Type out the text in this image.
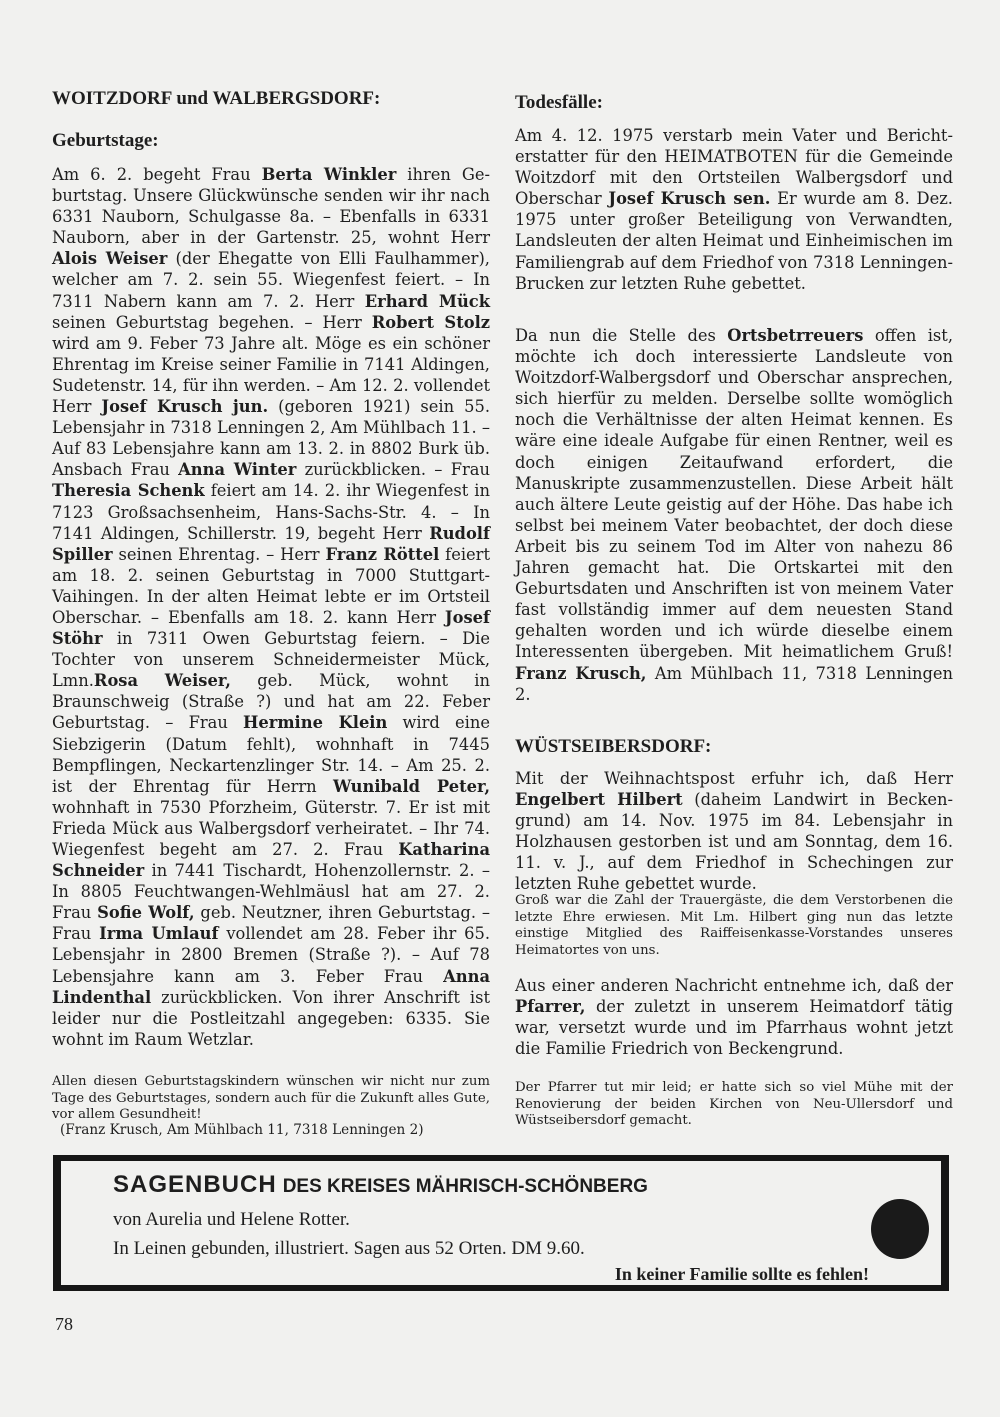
WOITZDORF und WALBERGSDORF:
Geburtstage:

Am 6. 2. begeht Frau Berta Winkler ihren Geburtstag. Unsere Glückwünsche senden wir ihr nach 6331 Nauborn, Schulgasse 8a. – Ebenfalls in 6331 Nauborn, aber in der Gartenstr. 25, wohnt Herr Alois Weiser (der Ehegatte von Elli Faulhammer), welcher am 7. 2. sein 55. Wiegenfest feiert. – In 7311 Nabern kann am 7. 2. Herr Erhard Mück seinen Geburtstag begehen. – Herr Robert Stolz wird am 9. Feber 73 Jahre alt. Möge es ein schöner Ehrentag im Kreise seiner Familie in 7141 Aldingen, Sudetenstr. 14, für ihn werden. – Am 12. 2. vollendet Herr Josef Krusch jun. (geboren 1921) sein 55. Lebensjahr in 7318 Lenningen 2, Am Mühlbach 11. – Auf 83 Lebensjahre kann am 13. 2. in 8802 Burk üb. Ansbach Frau Anna Winter zurückblicken. – Frau Theresia Schenk feiert am 14. 2. ihr Wiegenfest in 7123 Großsachsenheim, Hans-Sachs-Str. 4. – In 7141 Aldingen, Schillerstr. 19, begeht Herr Rudolf Spiller seinen Ehrentag. – Herr Franz Röttel feiert am 18. 2. seinen Geburtstag in 7000 Stuttgart-Vaihingen. In der alten Heimat lebte er im Ortsteil Oberschar. – Ebenfalls am 18. 2. kann Herr Josef Stöhr in 7311 Owen Geburtstag feiern. – Die Tochter von unserem Schneidermeister Mück, Lmn.Rosa Weiser, geb. Mück, wohnt in Braunschweig (Straße ?) und hat am 22. Feber Geburtstag. – Frau Hermine Klein wird eine Siebzigerin (Datum fehlt), wohnhaft in 7445 Bempflingen, Neckartenzlinger Str. 14. – Am 25. 2. ist der Ehrentag für Herrn Wunibald Peter, wohnhaft in 7530 Pforzheim, Güterstr. 7. Er ist mit Frieda Mück aus Walbergsdorf verheiratet. – Ihr 74. Wiegenfest begeht am 27. 2. Frau Katharina Schneider in 7441 Tischardt, Hohenzollernstr. 2. – In 8805 Feuchtwangen-Wehlmäusl hat am 27. 2. Frau Sofie Wolf, geb. Neutzner, ihren Geburtstag. – Frau Irma Umlauf vollendet am 28. Feber ihr 65. Lebensjahr in 2800 Bremen (Straße ?). – Auf 78 Lebensjahre kann am 3. Feber Frau Anna Lindenthal zurückblicken. Von ihrer Anschrift ist leider nur die Postleitzahl angegeben: 6335. Sie wohnt im Raum Wetzlar.

Allen diesen Geburtstagskindern wünschen wir nicht nur zum Tage des Geburtstages, sondern auch für die Zukunft alles Gute, vor allem Gesundheit!

(Franz Krusch, Am Mühlbach 11, 7318 Lenningen 2)
Todesfälle:

Am 4. 12. 1975 verstarb mein Vater und Berichterstatter für den HEIMATBOTEN für die Gemeinde Woitzdorf mit den Ortsteilen Walbergsdorf und Oberschar Josef Krusch sen. Er wurde am 8. Dez. 1975 unter großer Beteiligung von Verwandten, Landsleuten der alten Heimat und Einheimischen im Familiengrab auf dem Friedhof von 7318 Lenningen-Brucken zur letzten Ruhe gebettet.

Da nun die Stelle des Ortsbetrreuers offen ist, möchte ich doch interessierte Landsleute von Woitzdorf-Walbergsdorf und Oberschar ansprechen, sich hierfür zu melden. Derselbe sollte womöglich noch die Verhältnisse der alten Heimat kennen. Es wäre eine ideale Aufgabe für einen Rentner, weil es doch einigen Zeitaufwand erfordert, die Manuskripte zusammenzustellen. Diese Arbeit hält auch ältere Leute geistig auf der Höhe. Das habe ich selbst bei meinem Vater beobachtet, der doch diese Arbeit bis zu seinem Tod im Alter von nahezu 86 Jahren gemacht hat. Die Ortskartei mit den Geburtsdaten und Anschriften ist von meinem Vater fast vollständig immer auf dem neuesten Stand gehalten worden und ich würde dieselbe einem Interessenten übergeben. Mit heimatlichem Gruß! Franz Krusch, Am Mühlbach 11, 7318 Lenningen 2.

WÜSTSEIBERSDORF:

Mit der Weihnachtspost erfuhr ich, daß Herr Engelbert Hilbert (daheim Landwirt in Beckengrund) am 14. Nov. 1975 im 84. Lebensjahr in Holzhausen gestorben ist und am Sonntag, dem 16. 11. v. J., auf dem Friedhof in Schechingen zur letzten Ruhe gebettet wurde.

Groß war die Zahl der Trauergäste, die dem Verstorbenen die letzte Ehre erwiesen. Mit Lm. Hilbert ging nun das letzte einstige Mitglied des Raiffeisenkasse-Vorstandes unseres Heimatortes von uns.

Aus einer anderen Nachricht entnehme ich, daß der Pfarrer, der zuletzt in unserem Heimatdorf tätig war, versetzt wurde und im Pfarrhaus wohnt jetzt die Familie Friedrich von Beckengrund.

Der Pfarrer tut mir leid; er hatte sich so viel Mühe mit der Renovierung der beiden Kirchen von Neu-Ullersdorf und Wüstseibersdorf gemacht.

SAGENBUCH DES KREISES MÄHRISCH-SCHÖNBERG
von Aurelia und Helene Rotter.
In Leinen gebunden, illustriert. Sagen aus 52 Orten. DM 9.60.
In keiner Familie sollte es fehlen!
78
